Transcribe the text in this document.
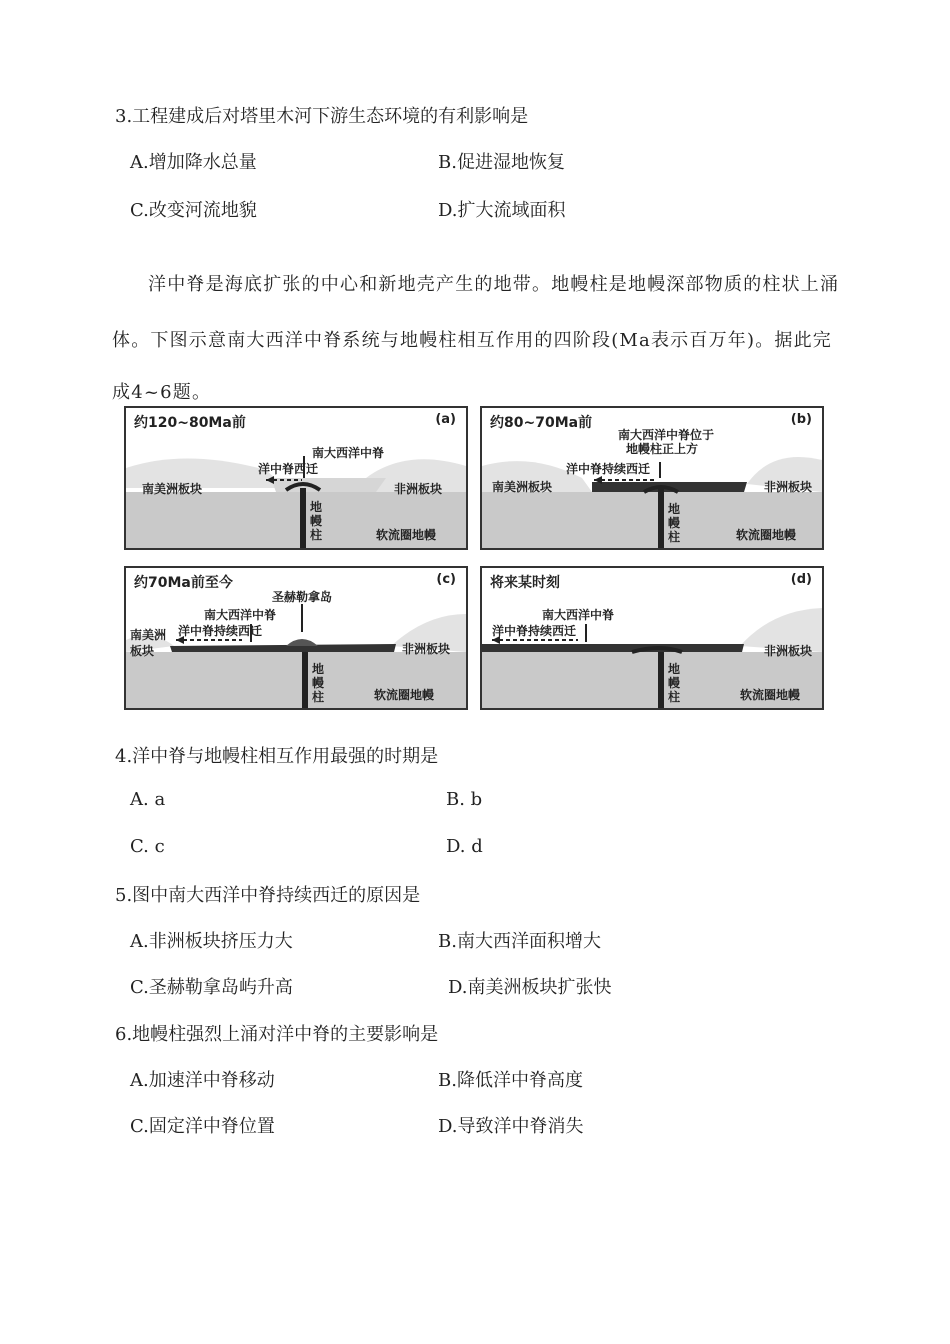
3.工程建成后对塔里木河下游生态环境的有利影响是
A.增加降水总量	B.促进湿地恢复
C.改变河流地貌	D.扩大流域面积
洋中脊是海底扩张的中心和新地壳产生的地带。地幔柱是地幔深部物质的柱状上涌
体。下图示意南大西洋中脊系统与地幔柱相互作用的四阶段(Ma表示百万年)。据此完
成4~6题。
约120~80Ma前	(a)
南大西洋中脊
洋中脊西迁
南美洲板块	非洲板块
地幔柱	软流圈地幔
约80~70Ma前	(b)
南大西洋中脊位于
地幔柱正上方
洋中脊持续西迁
南美洲板块	非洲板块
地幔柱	软流圈地幔
约70Ma前至今	(c)
圣赫勒拿岛
南大西洋中脊
洋中脊持续西迁
南美洲
板块	非洲板块
地幔柱	软流圈地幔
将来某时刻	(d)
南大西洋中脊
洋中脊持续西迁
非洲板块
地幔柱	软流圈地幔
4.洋中脊与地幔柱相互作用最强的时期是
A. a	B. b
C. c	D. d
5.图中南大西洋中脊持续西迁的原因是
A.非洲板块挤压力大	B.南大西洋面积增大
C.圣赫勒拿岛屿升高	D.南美洲板块扩张快
6.地幔柱强烈上涌对洋中脊的主要影响是
A.加速洋中脊移动	B.降低洋中脊高度
C.固定洋中脊位置	D.导致洋中脊消失
